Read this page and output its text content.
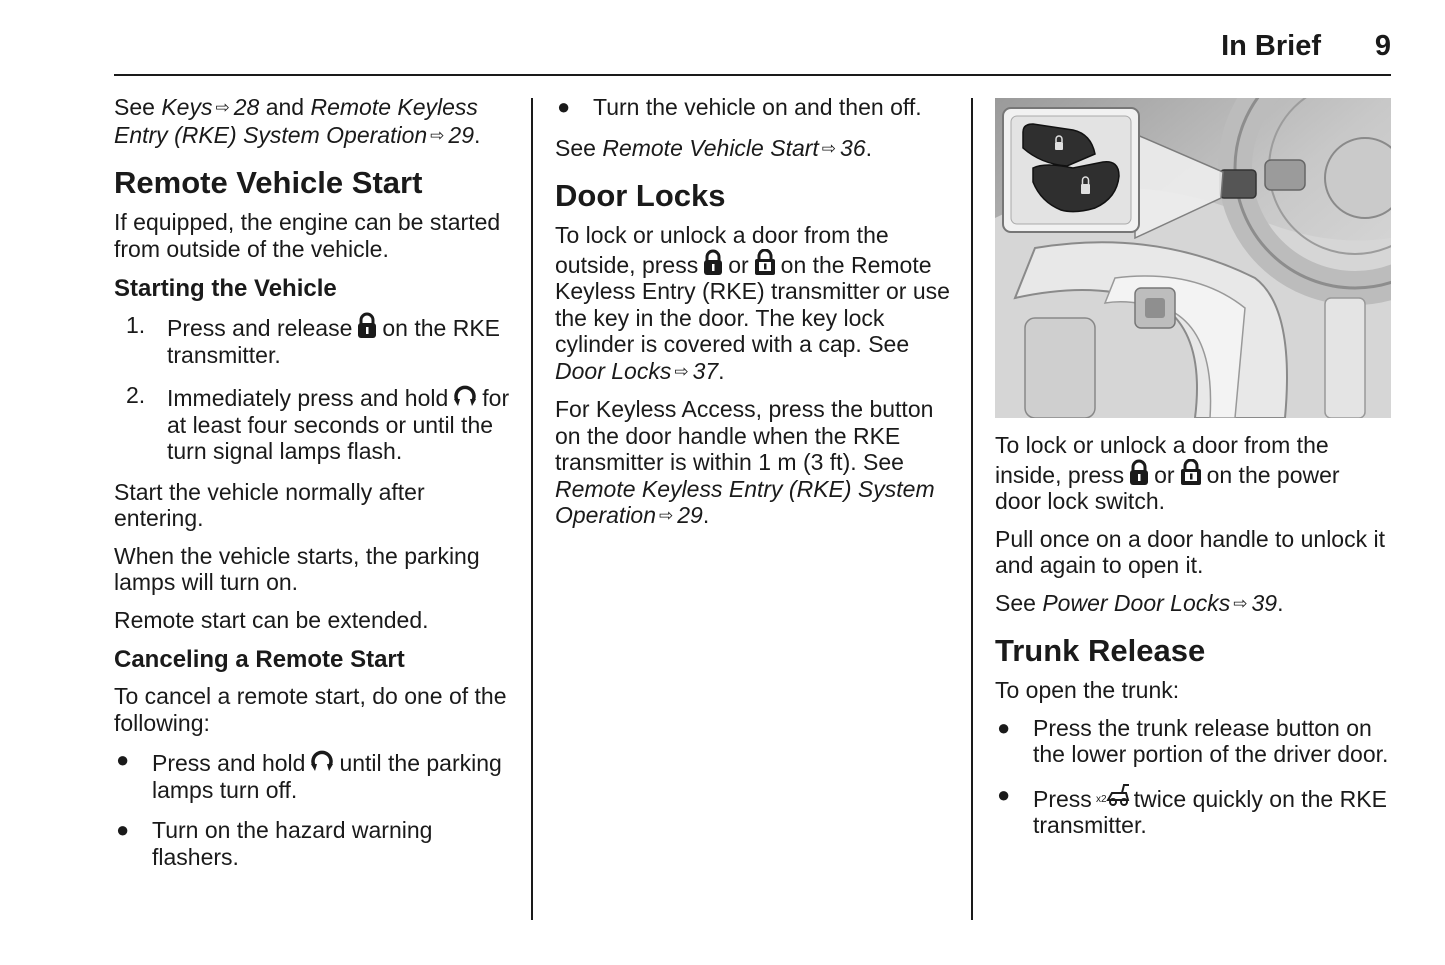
In Brief 9

See Keys ⇨ 28 and Remote Keyless Entry (RKE) System Operation ⇨ 29.

Remote Vehicle Start

If equipped, the engine can be started from outside of the vehicle.

Starting the Vehicle
1. Press and release on the RKE transmitter.
2. Immediately press and hold for at least four seconds or until the turn signal lamps flash.

Start the vehicle normally after entering.

When the vehicle starts, the parking lamps will turn on.

Remote start can be extended.

Canceling a Remote Start

To cancel a remote start, do one of the following:

● Press and hold until the parking lamps turn off.
● Turn on the hazard warning flashers.
● Turn the vehicle on and then off.

See Remote Vehicle Start ⇨ 36.

Door Locks

To lock or unlock a door from the outside, press or on the Remote Keyless Entry (RKE) transmitter or use the key in the door. The key lock cylinder is covered with a cap. See Door Locks ⇨ 37.

For Keyless Access, press the button on the door handle when the RKE transmitter is within 1 m (3 ft). See Remote Keyless Entry (RKE) System Operation ⇨ 29.

To lock or unlock a door from the inside, press or on the power door lock switch.

Pull once on a door handle to unlock it and again to open it.

See Power Door Locks ⇨ 39.

Trunk Release

To open the trunk:

● Press the trunk release button on the lower portion of the driver door.
● Press x2 twice quickly on the RKE transmitter.
